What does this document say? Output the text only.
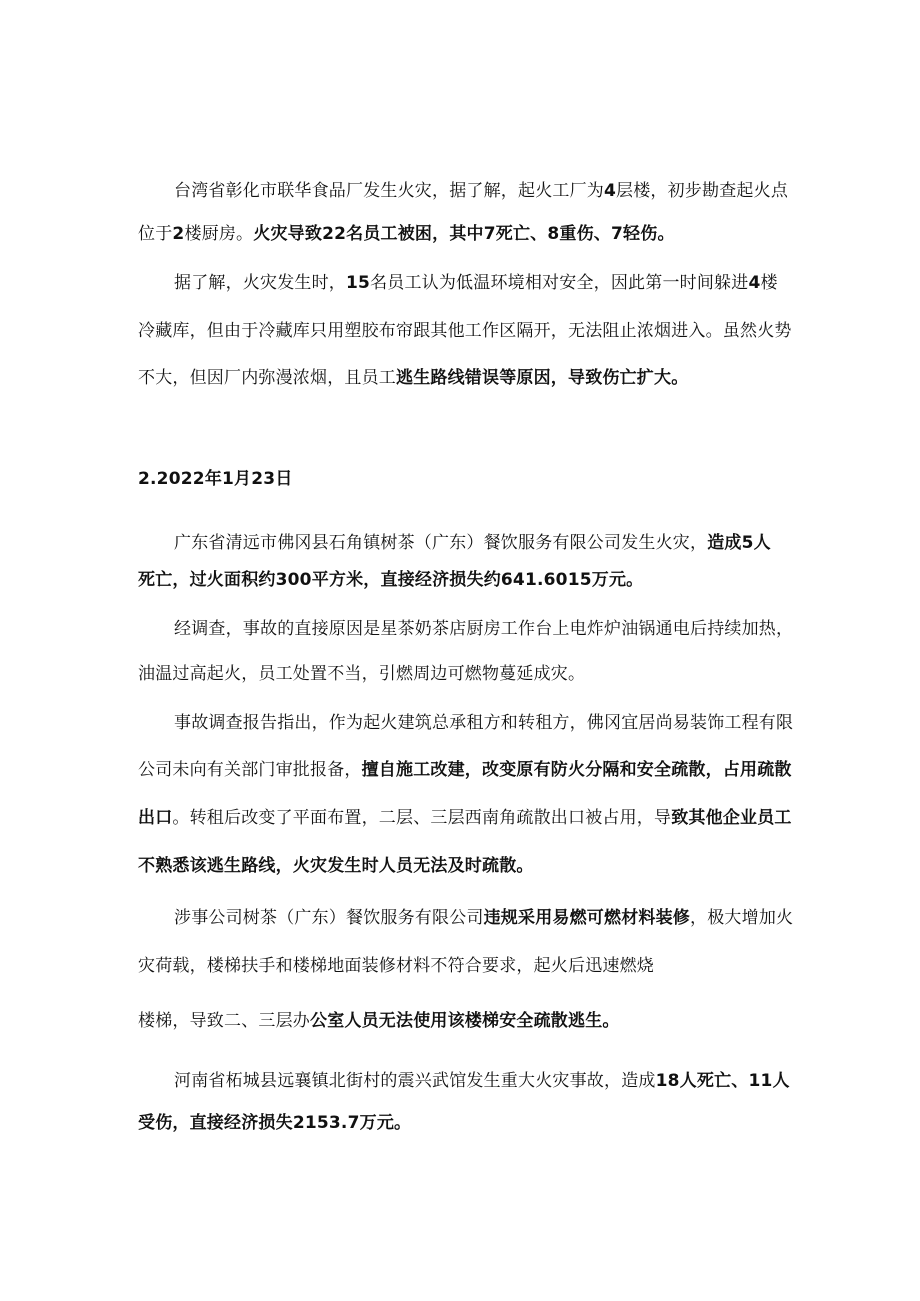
台湾省彰化市联华食品厂发生火灾，据了解，起火工厂为4层楼，初步勘查起火点
位于2楼厨房。火灾导致22名员工被困，其中7死亡、8重伤、7轻伤。
据了解，火灾发生时，15名员工认为低温环境相对安全，因此第一时间躲进4楼
冷藏库，但由于冷藏库只用塑胶布帘跟其他工作区隔开，无法阻止浓烟进入。虽然火势
不大，但因厂内弥漫浓烟，且员工逃生路线错误等原因，导致伤亡扩大。
2.2022年1月23日
广东省清远市佛冈县石角镇树茶（广东）餐饮服务有限公司发生火灾，造成5人
死亡，过火面积约300平方米，直接经济损失约641.6015万元。
经调查，事故的直接原因是星茶奶茶店厨房工作台上电炸炉油锅通电后持续加热，
油温过高起火，员工处置不当，引燃周边可燃物蔓延成灾。
事故调查报告指出，作为起火建筑总承租方和转租方，佛冈宜居尚易装饰工程有限
公司未向有关部门审批报备，擅自施工改建，改变原有防火分隔和安全疏散，占用疏散
出口。转租后改变了平面布置，二层、三层西南角疏散出口被占用，导致其他企业员工
不熟悉该逃生路线，火灾发生时人员无法及时疏散。
涉事公司树茶（广东）餐饮服务有限公司违规采用易燃可燃材料装修，极大增加火
灾荷载，楼梯扶手和楼梯地面装修材料不符合要求，起火后迅速燃烧
楼梯，导致二、三层办公室人员无法使用该楼梯安全疏散逃生。
河南省柘城县远襄镇北街村的震兴武馆发生重大火灾事故，造成18人死亡、11人
受伤，直接经济损失2153.7万元。
